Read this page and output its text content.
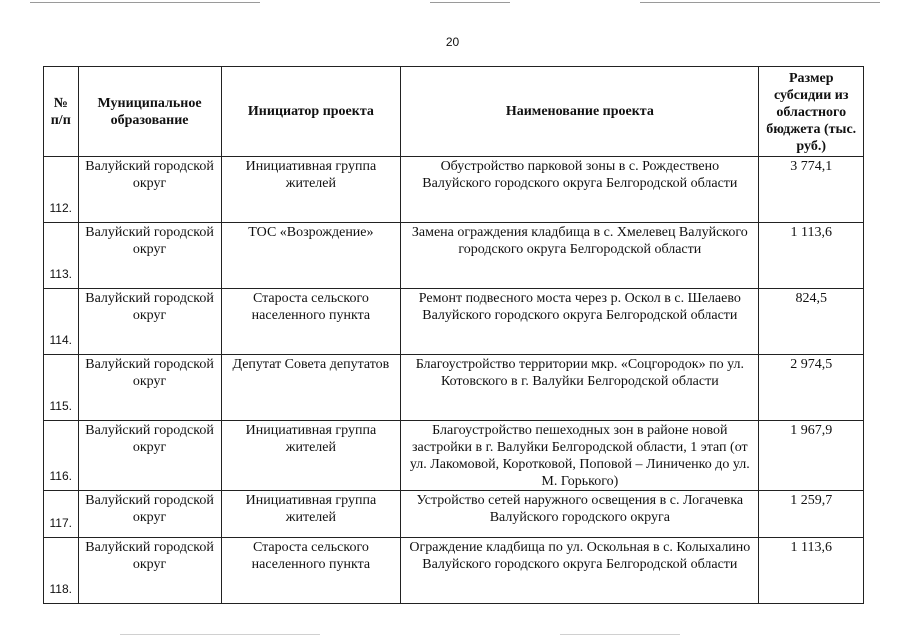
20
№ п/п	Муниципальное образование	Инициатор проекта	Наименование проекта	Размер субсидии из областного бюджета (тыс. руб.)
112.	Валуйский городской округ	Инициативная группа жителей	Обустройство парковой зоны в с. Рождествено Валуйского городского округа Белгородской области	3 774,1
113.	Валуйский городской округ	ТОС «Возрождение»	Замена ограждения кладбища в с. Хмелевец Валуйского городского округа Белгородской области	1 113,6
114.	Валуйский городской округ	Староста сельского населенного пункта	Ремонт подвесного моста через р. Оскол в с. Шелаево Валуйского городского округа Белгородской области	824,5
115.	Валуйский городской округ	Депутат Совета депутатов	Благоустройство территории мкр. «Соцгородок» по ул. Котовского в г. Валуйки Белгородской области	2 974,5
116.	Валуйский городской округ	Инициативная группа жителей	Благоустройство пешеходных зон в районе новой застройки в г. Валуйки Белгородской области, 1 этап (от ул. Лакомовой, Коротковой, Поповой – Линиченко до ул. М. Горького)	1 967,9
117.	Валуйский городской округ	Инициативная группа жителей	Устройство сетей наружного освещения в с. Логачевка Валуйского городского округа	1 259,7
118.	Валуйский городской округ	Староста сельского населенного пункта	Ограждение кладбища по ул. Оскольная в с. Колыхалино Валуйского городского округа Белгородской области	1 113,6
